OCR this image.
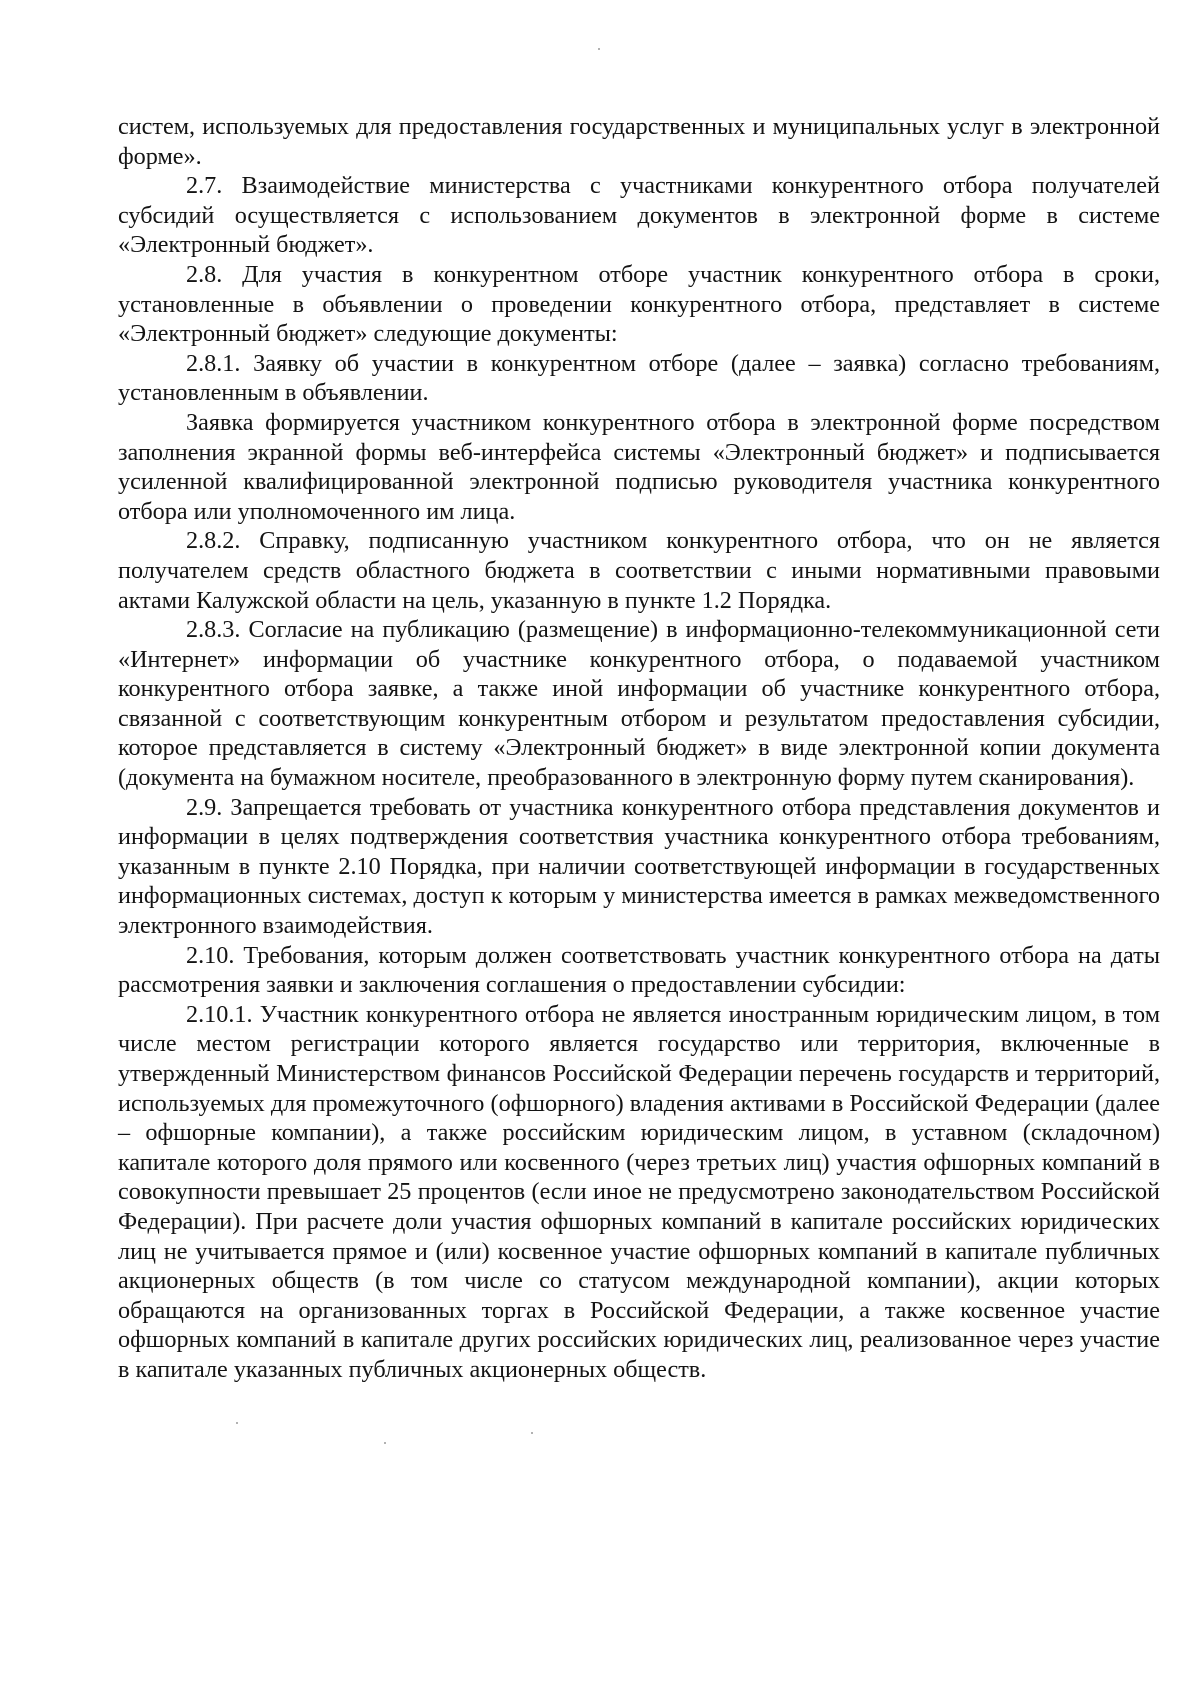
систем, используемых для предоставления государственных и муниципальных услуг в электронной форме».

2.7. Взаимодействие министерства с участниками конкурентного отбора получателей субсидий осуществляется с использованием документов в электронной форме в системе «Электронный бюджет».

2.8. Для участия в конкурентном отборе участник конкурентного отбора в сроки, установленные в объявлении о проведении конкурентного отбора, представляет в системе «Электронный бюджет» следующие документы:

2.8.1. Заявку об участии в конкурентном отборе (далее – заявка) согласно требованиям, установленным в объявлении.

Заявка формируется участником конкурентного отбора в электронной форме посредством заполнения экранной формы веб-интерфейса системы «Электронный бюджет» и подписывается усиленной квалифицированной электронной подписью руководителя участника конкурентного отбора или уполномоченного им лица.

2.8.2. Справку, подписанную участником конкурентного отбора, что он не является получателем средств областного бюджета в соответствии с иными нормативными правовыми актами Калужской области на цель, указанную в пункте 1.2 Порядка.

2.8.3. Согласие на публикацию (размещение) в информационно-телекоммуникационной сети «Интернет» информации об участнике конкурентного отбора, о подаваемой участником конкурентного отбора заявке, а также иной информации об участнике конкурентного отбора, связанной с соответствующим конкурентным отбором и результатом предоставления субсидии, которое представляется в систему «Электронный бюджет» в виде электронной копии документа (документа на бумажном носителе, преобразованного в электронную форму путем сканирования).

2.9. Запрещается требовать от участника конкурентного отбора представления документов и информации в целях подтверждения соответствия участника конкурентного отбора требованиям, указанным в пункте 2.10 Порядка, при наличии соответствующей информации в государственных информационных системах, доступ к которым у министерства имеется в рамках межведомственного электронного взаимодействия.

2.10. Требования, которым должен соответствовать участник конкурентного отбора на даты рассмотрения заявки и заключения соглашения о предоставлении субсидии:

2.10.1. Участник конкурентного отбора не является иностранным юридическим лицом, в том числе местом регистрации которого является государство или территория, включенные в утвержденный Министерством финансов Российской Федерации перечень государств и территорий, используемых для промежуточного (офшорного) владения активами в Российской Федерации (далее – офшорные компании), а также российским юридическим лицом, в уставном (складочном) капитале которого доля прямого или косвенного (через третьих лиц) участия офшорных компаний в совокупности превышает 25 процентов (если иное не предусмотрено законодательством Российской Федерации). При расчете доли участия офшорных компаний в капитале российских юридических лиц не учитывается прямое и (или) косвенное участие офшорных компаний в капитале публичных акционерных обществ (в том числе со статусом международной компании), акции которых обращаются на организованных торгах в Российской Федерации, а также косвенное участие офшорных компаний в капитале других российских юридических лиц, реализованное через участие в капитале указанных публичных акционерных обществ.
